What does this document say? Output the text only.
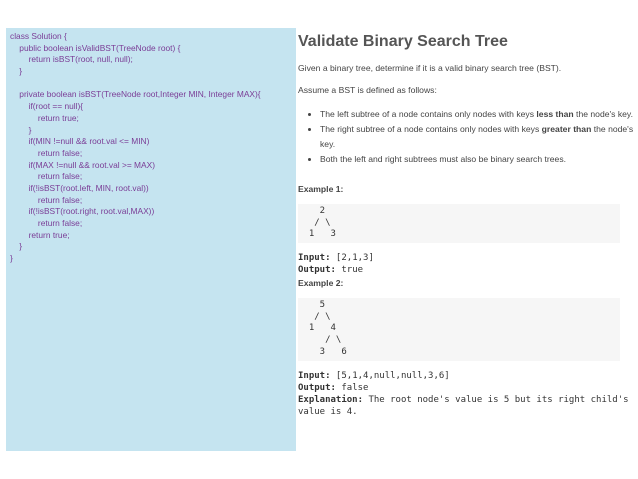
class Solution {
public boolean isValidBST(TreeNode root) {
return isBST(root, null, null);
}
private boolean isBST(TreeNode root,Integer MIN, Integer MAX){
if(root == null){
return true;
}
if(MIN !=null && root.val <= MIN)
return false;
if(MAX !=null && root.val >= MAX)
return false;
if(!isBST(root.left, MIN, root.val))
return false;
if(!isBST(root.right, root.val,MAX))
return false;
return true;
}
}
Validate Binary Search Tree

Given a binary tree, determine if it is a valid binary search tree (BST).

Assume a BST is defined as follows:

• The left subtree of a node contains only nodes with keys less than the node's key.
• The right subtree of a node contains only nodes with keys greater than the node's key.
• Both the left and right subtrees must also be binary search trees.
Example 1:
2
/ \
1   3
Input: [2,1,3]
Output: true
Example 2:
5
/ \
1   4
/ \
3   6
Input: [5,1,4,null,null,3,6]
Output: false
Explanation: The root node's value is 5 but its right child's
value is 4.
